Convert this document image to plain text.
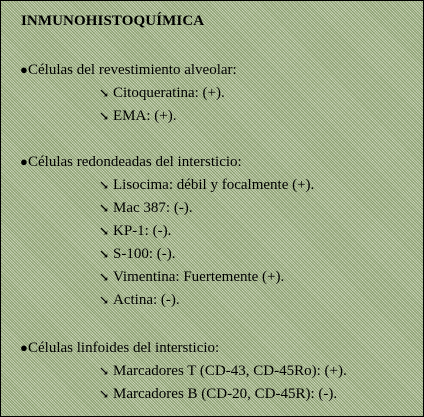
INMUNOHISTOQUÍMICA
●Células del revestimiento alveolar:
↘ Citoqueratina: (+).
↘ EMA: (+).
●Células redondeadas del intersticio:
↘ Lisocima: débil y focalmente (+).
↘ Mac 387: (-).
↘ KP-1: (-).
↘ S-100: (-).
↘ Vimentina: Fuertemente (+).
↘ Actina: (-).
●Células linfoides del intersticio:
↘ Marcadores T (CD-43, CD-45Ro): (+).
↘ Marcadores B (CD-20, CD-45R): (-).
